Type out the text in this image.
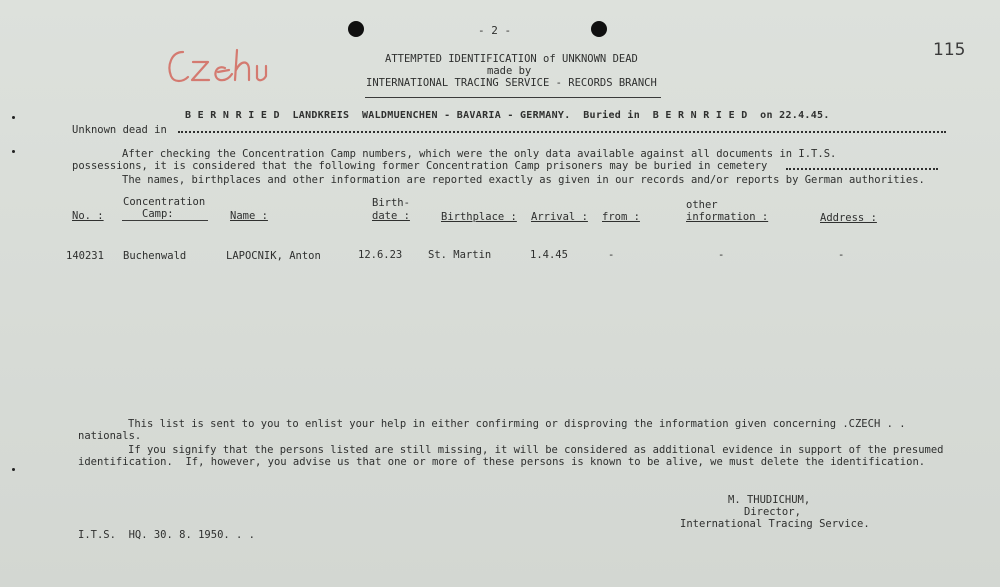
- 2 -
ATTEMPTED IDENTIFICATION of UNKNOWN DEAD
made by
INTERNATIONAL TRACING SERVICE - RECORDS BRANCH
115
B E R N R I E D  LANDKREIS  WALDMUENCHEN - BAVARIA - GERMANY.  Buried in  B E R N R I E D  on 22.4.45.
Unknown dead in
After checking the Concentration Camp numbers, which were the only data available against all documents in I.T.S.
possessions, it is considered that the following former Concentration Camp prisoners may be buried in cemetery
The names, birthplaces and other information are reported exactly as given in our records and/or reports by German authorities.
Concentration	Birth-	other
No. :	Camp:	Name :	date :	Birthplace : Arrival : from :	information :	Address :
140231 Buchenwald	LAPOCNIK, Anton	12.6.23 St. Martin	1.4.45	-	-	-
This list is sent to you to enlist your help in either confirming or disproving the information given concerning .CZECH . .
nationals.
If you signify that the persons listed are still missing, it will be considered as additional evidence in support of the presumed
identification.  If, however, you advise us that one or more of these persons is known to be alive, we must delete the identification.
M. THUDICHUM,
Director,
International Tracing Service.
I.T.S.  HQ. 30. 8. 1950. . .
